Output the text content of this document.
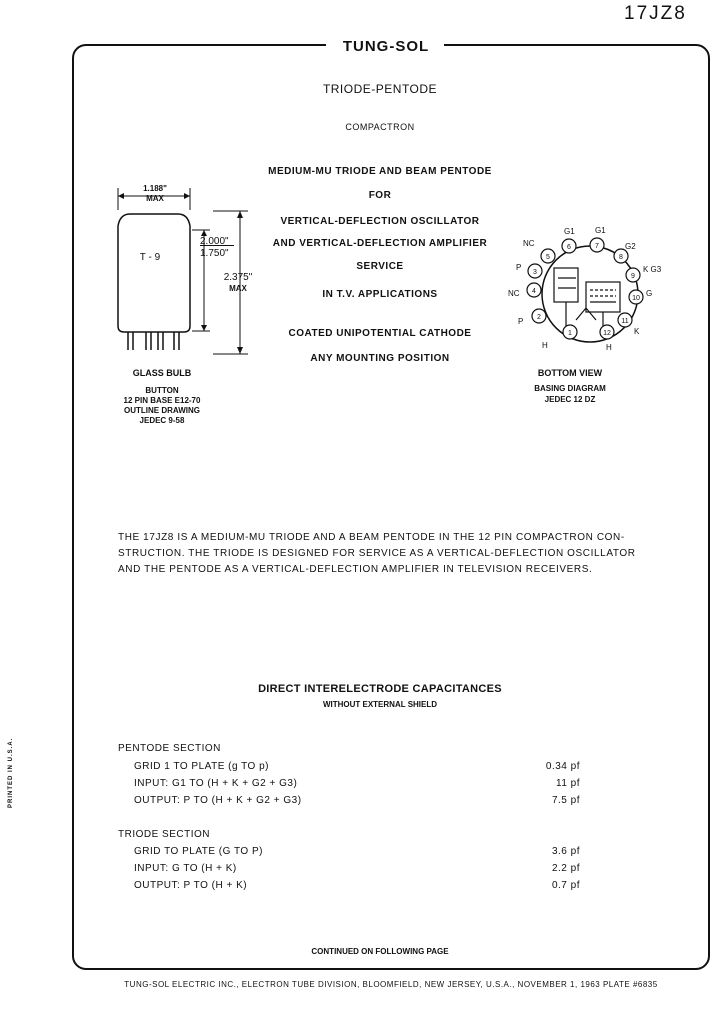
17JZ8
TUNG-SOL
TRIODE-PENTODE
COMPACTRON
MEDIUM-MU TRIODE AND BEAM PENTODE
FOR
VERTICAL-DEFLECTION OSCILLATOR
AND VERTICAL-DEFLECTION AMPLIFIER
SERVICE
IN T.V. APPLICATIONS
COATED UNIPOTENTIAL CATHODE
ANY MOUNTING POSITION
1.188"
MAX
T - 9
2.000"
1.750"
2.375"
MAX
GLASS BULB
BUTTON
12 PIN BASE E12-70
OUTLINE DRAWING
JEDEC 9-58
6	7
8
9
10
11
12
1
2
4
3
5
G1	G1
G2
K G3
G
NC
P
NC
P
K
H	H
BOTTOM VIEW
BASING DIAGRAM
JEDEC 12 DZ
THE 17JZ8 IS A MEDIUM-MU TRIODE AND A BEAM PENTODE IN THE 12 PIN COMPACTRON CON-
STRUCTION. THE TRIODE IS DESIGNED FOR SERVICE AS A VERTICAL-DEFLECTION OSCILLATOR
AND THE PENTODE AS A VERTICAL-DEFLECTION AMPLIFIER IN TELEVISION RECEIVERS.
DIRECT INTERELECTRODE CAPACITANCES
WITHOUT EXTERNAL SHIELD
PENTODE SECTION
GRID 1 TO PLATE (g TO p)	0.34 pf
INPUT: G1 TO (H + K + G2 + G3)	11 pf
OUTPUT: P TO (H + K + G2 + G3)	7.5 pf
TRIODE SECTION
GRID TO PLATE (G TO P)	3.6 pf
INPUT: G TO (H + K)	2.2 pf
OUTPUT: P TO (H + K)	0.7 pf
CONTINUED ON FOLLOWING PAGE
TUNG-SOL ELECTRIC INC., ELECTRON TUBE DIVISION, BLOOMFIELD, NEW JERSEY, U.S.A., NOVEMBER 1, 1963 PLATE #6835
PRINTED IN U.S.A.
